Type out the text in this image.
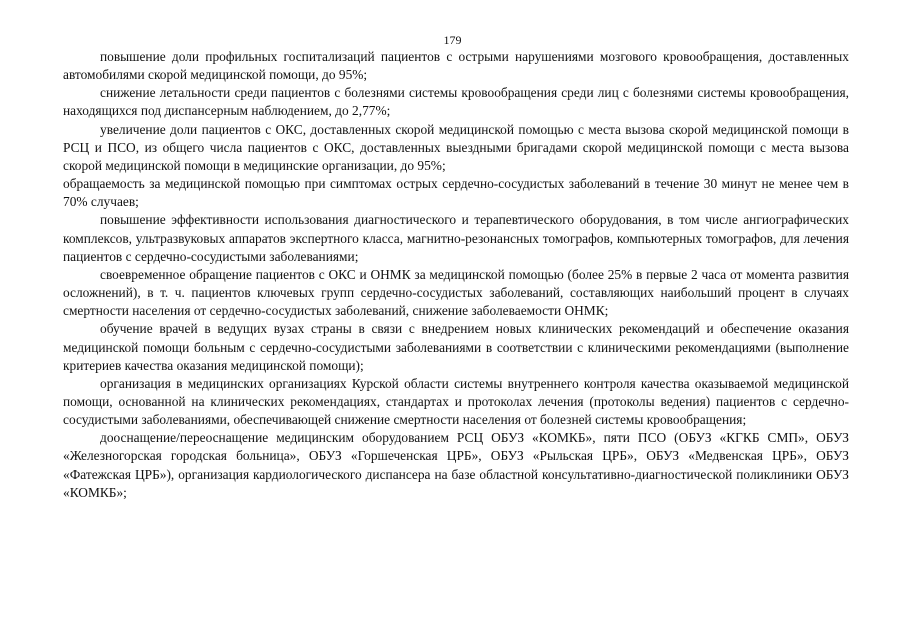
179

повышение доли профильных госпитализаций пациентов с острыми нарушениями мозгового кровообращения, доставленных автомобилями скорой медицинской помощи, до 95%;

снижение летальности среди пациентов с болезнями системы кровообращения среди лиц с болезнями системы кровообращения, находящихся под диспансерным наблюдением, до 2,77%;

увеличение доли пациентов с ОКС, доставленных скорой медицинской помощью с места вызова скорой медицинской помощи в РСЦ и ПСО, из общего числа пациентов с ОКС, доставленных выездными бригадами скорой медицинской помощи с места вызова скорой медицинской помощи в медицинские организации, до 95%;

обращаемость за медицинской помощью при симптомах острых сердечно-сосудистых заболеваний в течение 30 минут не менее чем в 70% случаев;

повышение эффективности использования диагностического и терапевтического оборудования, в том числе ангиографических комплексов, ультразвуковых аппаратов экспертного класса, магнитно-резонансных томографов, компьютерных томографов, для лечения пациентов с сердечно-сосудистыми заболеваниями;

своевременное обращение пациентов с ОКС и ОНМК за медицинской помощью (более 25% в первые 2 часа от момента развития осложнений), в т. ч. пациентов ключевых групп сердечно-сосудистых заболеваний, составляющих наибольший процент в случаях смертности населения от сердечно-сосудистых заболеваний, снижение заболеваемости ОНМК;

обучение врачей в ведущих вузах страны в связи с внедрением новых клинических рекомендаций и обеспечение оказания медицинской помощи больным с сердечно-сосудистыми заболеваниями в соответствии с клиническими рекомендациями (выполнение критериев качества оказания медицинской помощи);

организация в медицинских организациях Курской области системы внутреннего контроля качества оказываемой медицинской помощи, основанной на клинических рекомендациях, стандартах и протоколах лечения (протоколы ведения) пациентов с сердечно-сосудистыми заболеваниями, обеспечивающей снижение смертности населения от болезней системы кровообращения;

дооснащение/переоснащение медицинским оборудованием РСЦ ОБУЗ «КОМКБ», пяти ПСО (ОБУЗ «КГКБ СМП», ОБУЗ «Железногорская городская больница», ОБУЗ «Горшеченская ЦРБ», ОБУЗ «Рыльская ЦРБ», ОБУЗ «Медвенская ЦРБ», ОБУЗ «Фатежская ЦРБ»), организация кардиологического диспансера на базе областной консультативно-диагностической поликлиники ОБУЗ «КОМКБ»;
